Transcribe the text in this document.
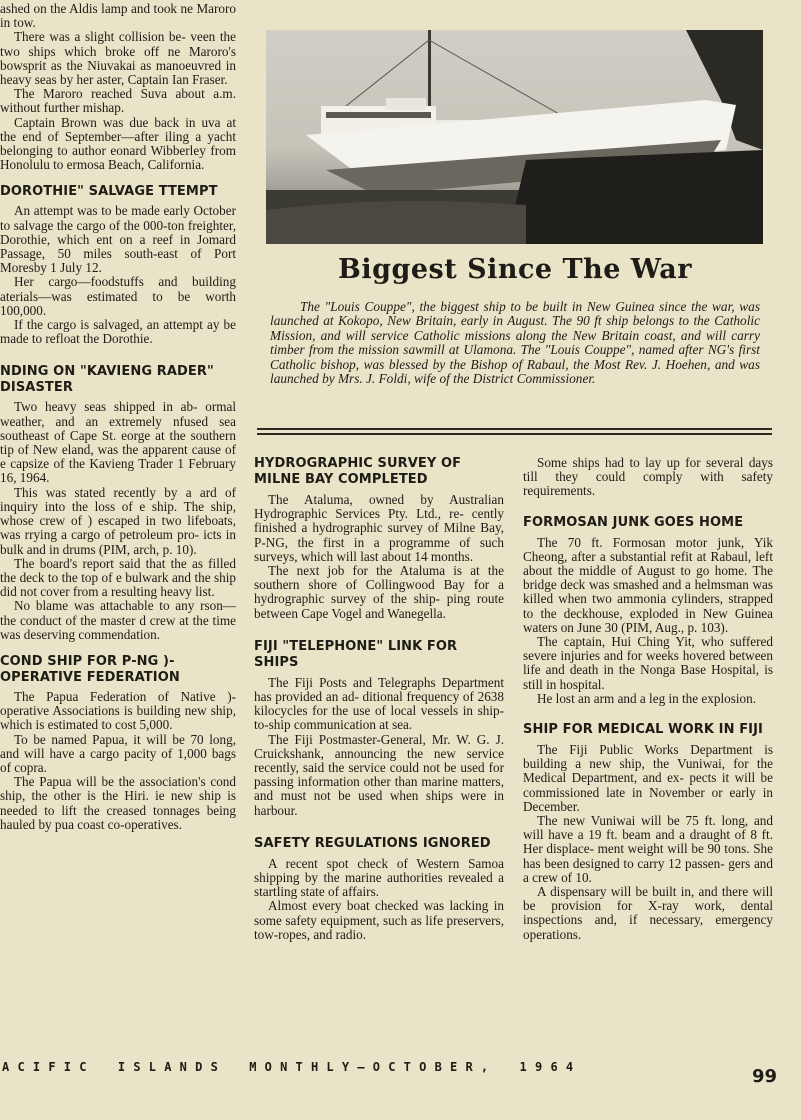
ashed on the Aldis lamp and took ne Maroro in tow.

There was a slight collision be- veen the two ships which broke off ne Maroro's bowsprit as the Niuvakai as manoeuvred in heavy seas by her aster, Captain Ian Fraser.

The Maroro reached Suva about a.m. without further mishap.

Captain Brown was due back in uva at the end of September—after iling a yacht belonging to author eonard Wibberley from Honolulu to ermosa Beach, California.

DOROTHIE" SALVAGE TTEMPT

An attempt was to be made early October to salvage the cargo of the 000-ton freighter, Dorothie, which ent on a reef in Jomard Passage, 50 miles south-east of Port Moresby 1 July 12.

Her cargo—foodstuffs and building aterials—was estimated to be worth 100,000.

If the cargo is salvaged, an attempt ay be made to refloat the Dorothie.

NDING ON "KAVIENG RADER" DISASTER

Two heavy seas shipped in ab- ormal weather, and an extremely nfused sea southeast of Cape St. eorge at the southern tip of New eland, was the apparent cause of e capsize of the Kavieng Trader 1 February 16, 1964.

This was stated recently by a ard of inquiry into the loss of e ship. The ship, whose crew of ) escaped in two lifeboats, was rrying a cargo of petroleum pro- icts in bulk and in drums (PIM, arch, p. 10).

The board's report said that the as filled the deck to the top of e bulwark and the ship did not cover from a resulting heavy list.

No blame was attachable to any rson—the conduct of the master d crew at the time was deserving commendation.

COND SHIP FOR P-NG )-OPERATIVE FEDERATION

The Papua Federation of Native )-operative Associations is building new ship, which is estimated to cost 5,000.

To be named Papua, it will be 70 long, and will have a cargo pacity of 1,000 bags of copra.

The Papua will be the association's cond ship, the other is the Hiri. ie new ship is needed to lift the creased tonnages being hauled by pua coast co-operatives.

Biggest Since The War
The "Louis Couppe", the biggest ship to be built in New Guinea since the war, was launched at Kokopo, New Britain, early in August. The 90 ft ship belongs to the Catholic Mission, and will service Catholic missions along the New Britain coast, and will carry timber from the mission sawmill at Ulamona. The "Louis Couppe", named after NG's first Catholic bishop, was blessed by the Bishop of Rabaul, the Most Rev. J. Hoehen, and was launched by Mrs. J. Foldi, wife of the District Commissioner.
HYDROGRAPHIC SURVEY OF MILNE BAY COMPLETED

The Ataluma, owned by Australian Hydrographic Services Pty. Ltd., re- cently finished a hydrographic survey of Milne Bay, P-NG, the first in a programme of such surveys, which will last about 14 months.

The next job for the Ataluma is at the southern shore of Collingwood Bay for a hydrographic survey of the ship- ping route between Cape Vogel and Wanegella.

FIJI "TELEPHONE" LINK FOR SHIPS

The Fiji Posts and Telegraphs Department has provided an ad- ditional frequency of 2638 kilocycles for the use of local vessels in ship- to-ship communication at sea.

The Fiji Postmaster-General, Mr. W. G. J. Cruickshank, announcing the new service recently, said the service could not be used for passing information other than marine matters, and must not be used when ships were in harbour.

SAFETY REGULATIONS IGNORED

A recent spot check of Western Samoa shipping by the marine authorities revealed a startling state of affairs.

Almost every boat checked was lacking in some safety equipment, such as life preservers, tow-ropes, and radio.

Some ships had to lay up for several days till they could comply with safety requirements.

FORMOSAN JUNK GOES HOME

The 70 ft. Formosan motor junk, Yik Cheong, after a substantial refit at Rabaul, left about the middle of August to go home. The bridge deck was smashed and a helmsman was killed when two ammonia cylinders, strapped to the deckhouse, exploded in New Guinea waters on June 30 (PIM, Aug., p. 103).

The captain, Hui Ching Yit, who suffered severe injuries and for weeks hovered between life and death in the Nonga Base Hospital, is still in hospital.

He lost an arm and a leg in the explosion.

SHIP FOR MEDICAL WORK IN FIJI

The Fiji Public Works Department is building a new ship, the Vuniwai, for the Medical Department, and ex- pects it will be commissioned late in November or early in December.

The new Vuniwai will be 75 ft. long, and will have a 19 ft. beam and a draught of 8 ft. Her displace- ment weight will be 90 tons. She has been designed to carry 12 passen- gers and a crew of 10.

A dispensary will be built in, and there will be provision for X-ray work, dental inspections and, if necessary, emergency operations.

A C I F I C    I S L A N D S    M O N T H L Y — O C T O B E R ,    1 9 6 4	99
